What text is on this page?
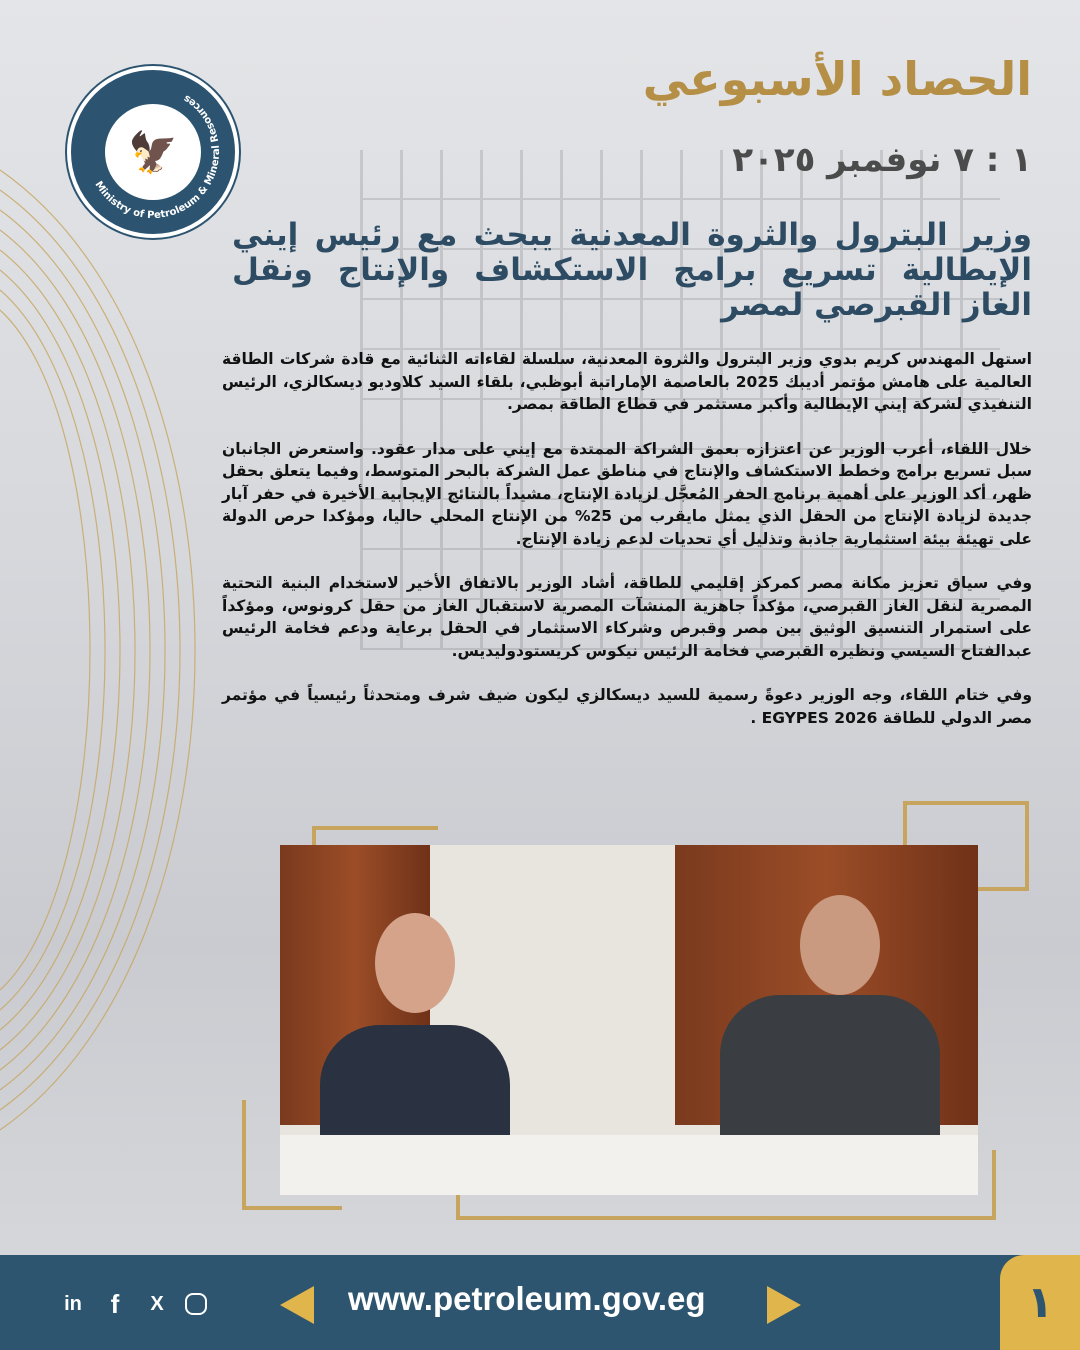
Ministry of Petroleum & Mineral Resources
🦅
الحصاد الأسبوعي
١ : ٧ نوفمبر ٢٠٢٥
وزير البترول والثروة المعدنية يبحث مع رئيس إيني الإيطالية تسريع برامج الاستكشاف والإنتاج ونقل الغاز القبرصي لمصر

استهل المهندس كريم بدوي وزير البترول والثروة المعدنية، سلسلة لقاءاته الثنائية مع قادة شركات الطاقة العالمية على هامش مؤتمر أديبك 2025 بالعاصمة الإماراتية أبوظبي، بلقاء السيد كلاوديو ديسكالزي، الرئيس التنفيذي لشركة إيني الإيطالية وأكبر مستثمر في قطاع الطاقة بمصر.

خلال اللقاء، أعرب الوزير عن اعتزازه بعمق الشراكة الممتدة مع إيني على مدار عقود. واستعرض الجانبان سبل تسريع برامج وخطط الاستكشاف والإنتاج في مناطق عمل الشركة بالبحر المتوسط، وفيما يتعلق بحقل ظهر، أكد الوزير على أهمية برنامج الحفر المُعجَّل لزيادة الإنتاج، مشيداً بالنتائج الإيجابية الأخيرة في حفر آبار جديدة لزيادة الإنتاج من الحقل الذي يمثل مايقرب من 25% من الإنتاج المحلي حاليا، ومؤكدا حرص الدولة على تهيئة بيئة استثمارية جاذبة وتذليل أي تحديات لدعم زيادة الإنتاج.

وفي سياق تعزيز مكانة مصر كمركز إقليمي للطاقة، أشاد الوزير بالاتفاق الأخير لاستخدام البنية التحتية المصرية لنقل الغاز القبرصي، مؤكداً جاهزية المنشآت المصرية لاستقبال الغاز من حقل كرونوس، ومؤكداً على استمرار التنسيق الوثيق بين مصر وقبرص وشركاء الاستثمار في الحقل برعاية ودعم فخامة الرئيس عبدالفتاح السيسي ونظيره القبرصي فخامة الرئيس نيكوس كريستودوليديس.

وفي ختام اللقاء، وجه الوزير دعوةً رسمية للسيد ديسكالزي ليكون ضيف شرف ومتحدثاً رئيسياً في مؤتمر مصر الدولي للطاقة EGYPES 2026 .

in	f	X	www.petroleum.gov.eg	١
